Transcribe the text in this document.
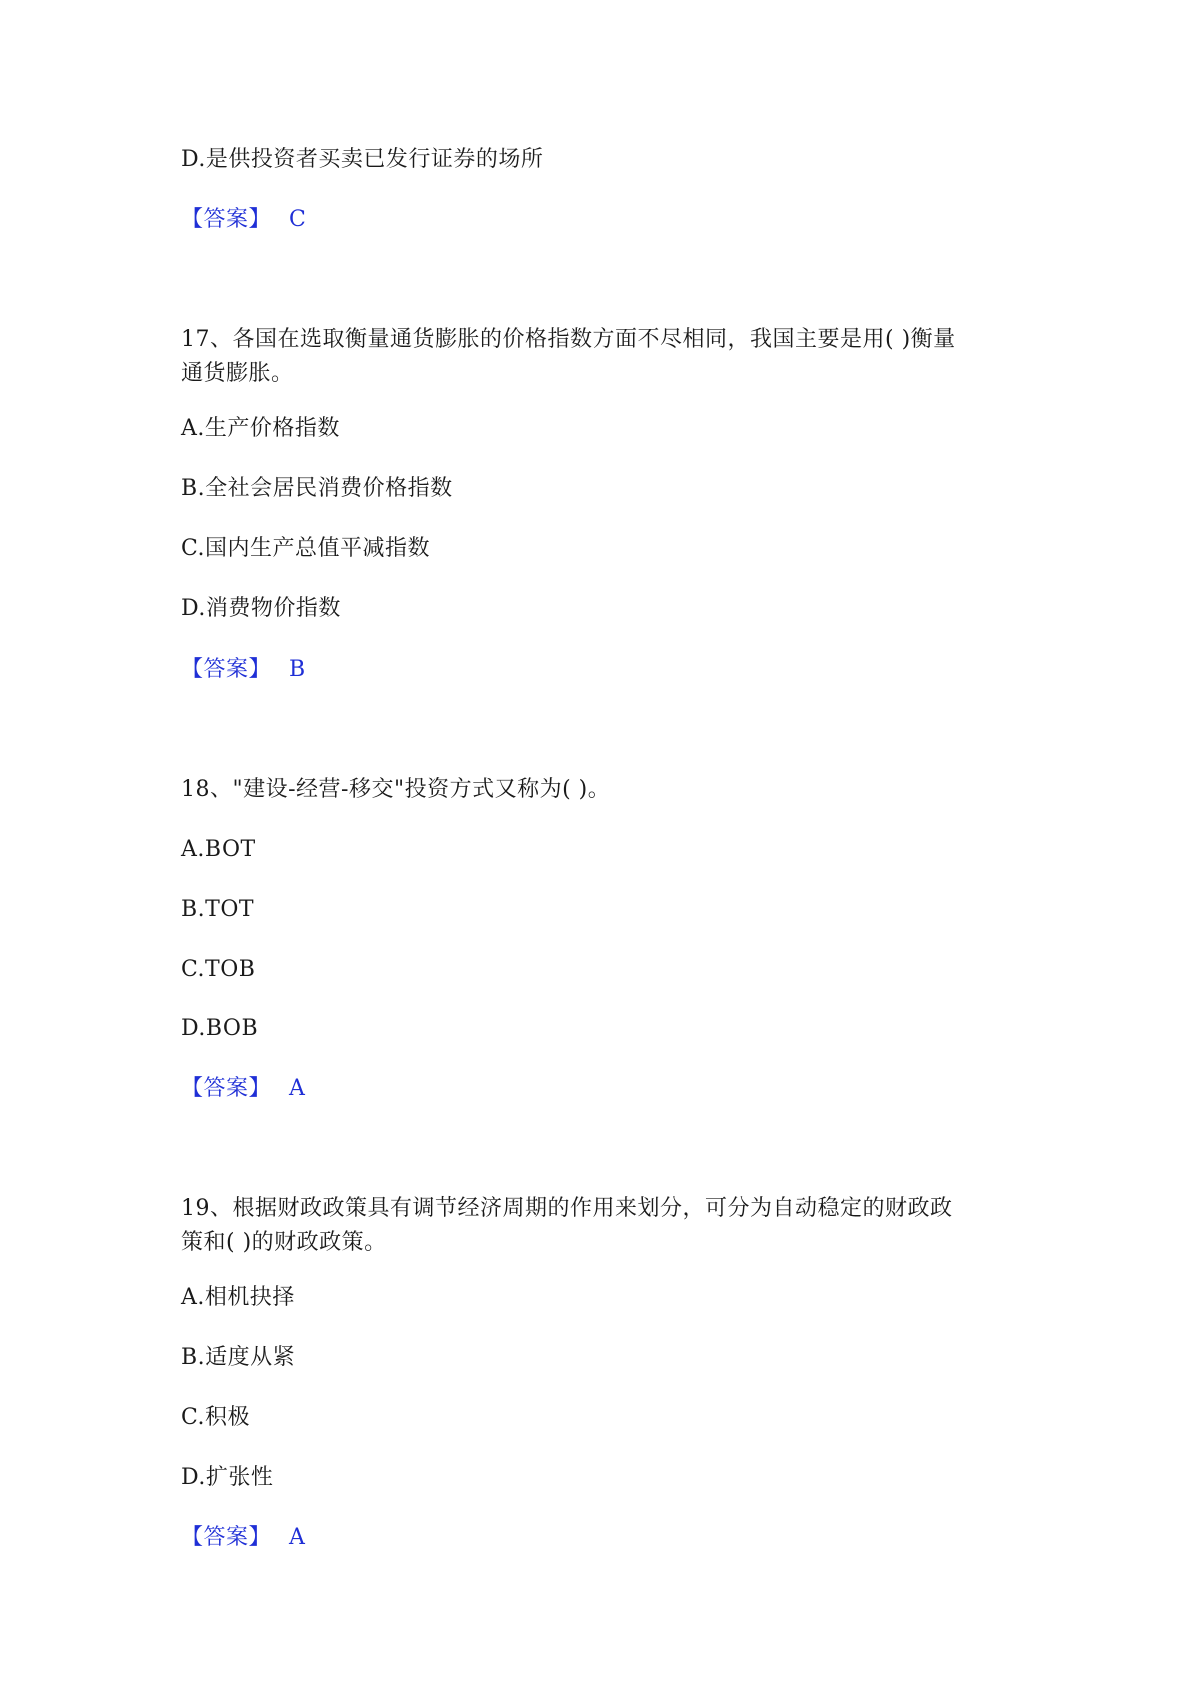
D.是供投资者买卖已发行证券的场所
【答案】 C
17、各国在选取衡量通货膨胀的价格指数方面不尽相同，我国主要是用( )衡量
通货膨胀。
A.生产价格指数
B.全社会居民消费价格指数
C.国内生产总值平减指数
D.消费物价指数
【答案】 B
18、"建设-经营-移交"投资方式又称为( )。
A.BOT
B.TOT
C.TOB
D.BOB
【答案】 A
19、根据财政政策具有调节经济周期的作用来划分，可分为自动稳定的财政政
策和( )的财政政策。
A.相机抉择
B.适度从紧
C.积极
D.扩张性
【答案】 A
